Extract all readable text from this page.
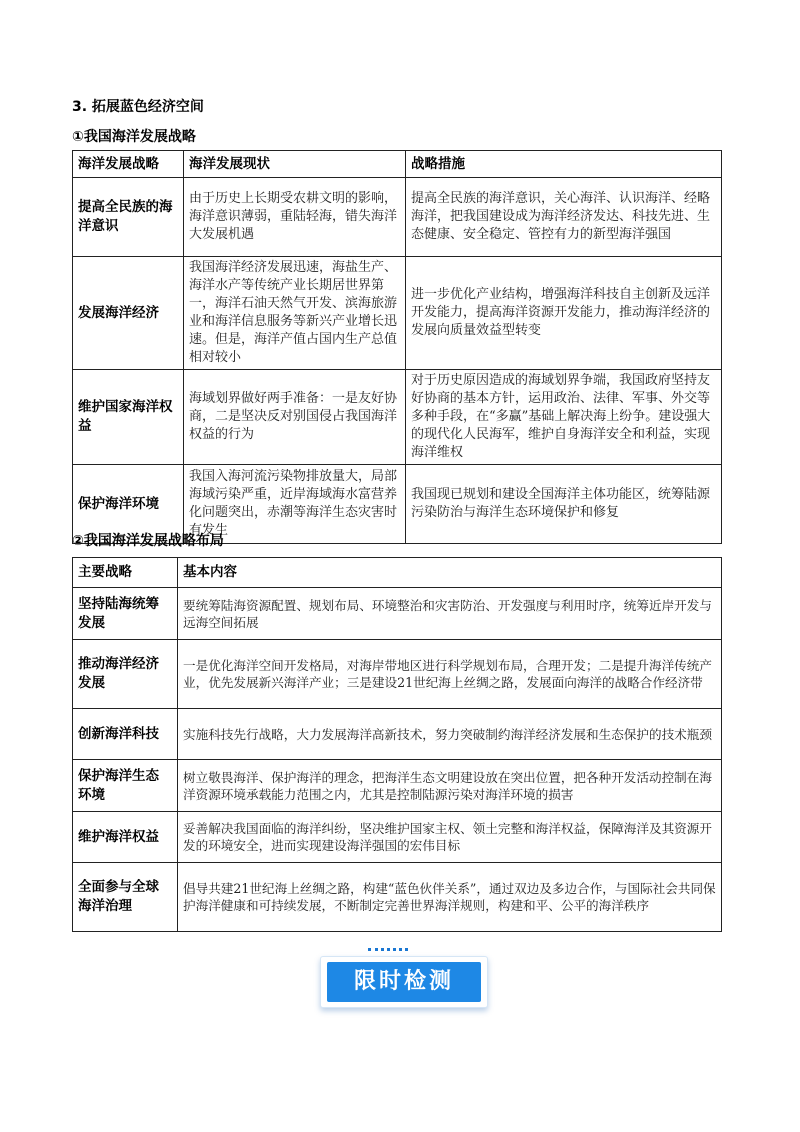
3. 拓展蓝色经济空间
①我国海洋发展战略
海洋发展战略	海洋发展现状	战略措施
提高全民族的海洋意识	由于历史上长期受农耕文明的影响，海洋意识薄弱，重陆轻海，错失海洋大发展机遇	提高全民族的海洋意识，关心海洋、认识海洋、经略海洋，把我国建设成为海洋经济发达、科技先进、生态健康、安全稳定、管控有力的新型海洋强国
发展海洋经济	我国海洋经济发展迅速，海盐生产、海洋水产等传统产业长期居世界第一，海洋石油天然气开发、滨海旅游业和海洋信息服务等新兴产业增长迅速。但是，海洋产值占国内生产总值相对较小	进一步优化产业结构，增强海洋科技自主创新及远洋开发能力，提高海洋资源开发能力，推动海洋经济的发展向质量效益型转变
维护国家海洋权益	海域划界做好两手准备：一是友好协商，二是坚决反对别国侵占我国海洋权益的行为	对于历史原因造成的海域划界争端，我国政府坚持友好协商的基本方针，运用政治、法律、军事、外交等多种手段，在“多赢”基础上解决海上纷争。建设强大的现代化人民海军，维护自身海洋安全和利益，实现海洋维权
保护海洋环境	我国入海河流污染物排放量大，局部海域污染严重，近岸海域海水富营养化问题突出，赤潮等海洋生态灾害时有发生	我国现已规划和建设全国海洋主体功能区，统筹陆源污染防治与海洋生态环境保护和修复
②我国海洋发展战略布局
主要战略	基本内容
坚持陆海统筹发展	要统筹陆海资源配置、规划布局、环境整治和灾害防治、开发强度与利用时序，统筹近岸开发与远海空间拓展
推动海洋经济发展	一是优化海洋空间开发格局，对海岸带地区进行科学规划布局，合理开发；二是提升海洋传统产业，优先发展新兴海洋产业；三是建设21世纪海上丝绸之路，发展面向海洋的战略合作经济带
创新海洋科技	实施科技先行战略，大力发展海洋高新技术，努力突破制约海洋经济发展和生态保护的技术瓶颈
保护海洋生态环境	树立敬畏海洋、保护海洋的理念，把海洋生态文明建设放在突出位置，把各种开发活动控制在海洋资源环境承载能力范围之内，尤其是控制陆源污染对海洋环境的损害
维护海洋权益	妥善解决我国面临的海洋纠纷，坚决维护国家主权、领土完整和海洋权益，保障海洋及其资源开发的环境安全，进而实现建设海洋强国的宏伟目标
全面参与全球海洋治理	倡导共建21世纪海上丝绸之路，构建“蓝色伙伴关系”，通过双边及多边合作，与国际社会共同保护海洋健康和可持续发展，不断制定完善世界海洋规则，构建和平、公平的海洋秩序
限时检测
